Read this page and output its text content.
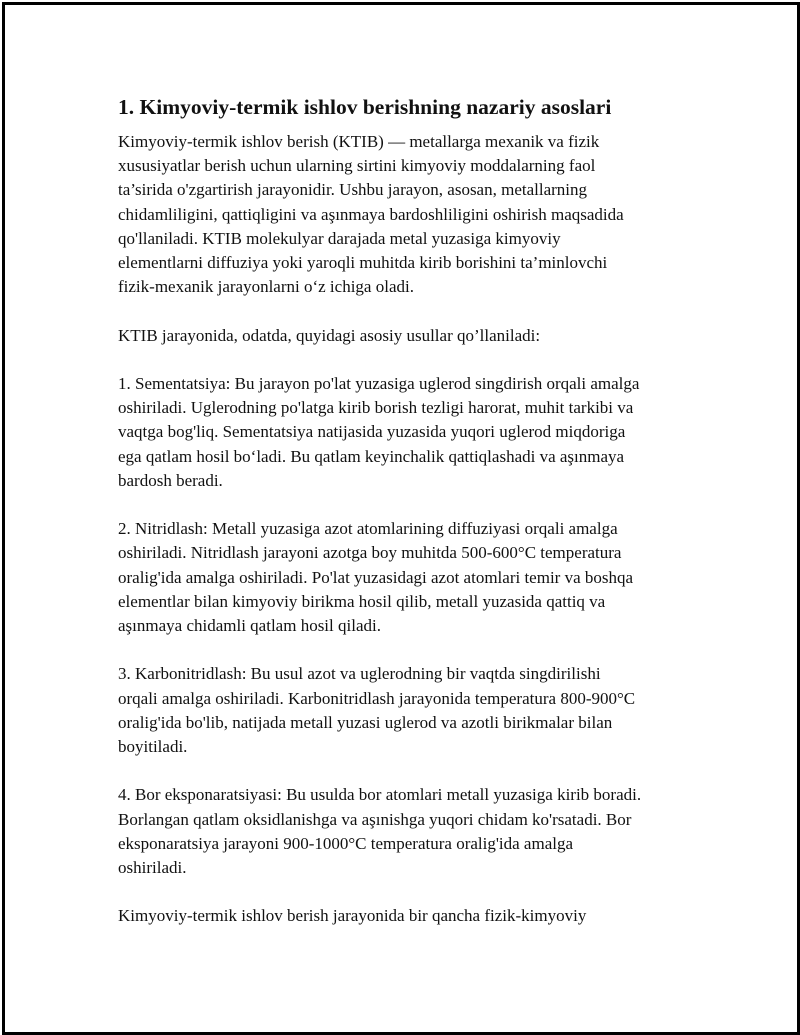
1. Kimyoviy-termik ishlov berishning nazariy asoslari

Kimyoviy-termik ishlov berish (KTIB) — metallarga mexanik va fizik
xususiyatlar berish uchun ularning sirtini kimyoviy moddalarning faol
ta’sirida o'zgartirish jarayonidir. Ushbu jarayon, asosan, metallarning
chidamliligini, qattiqligini va aşınmaya bardoshliligini oshirish maqsadida
qo'llaniladi. KTIB molekulyar darajada metal yuzasiga kimyoviy
elementlarni diffuziya yoki yaroqli muhitda kirib borishini ta’minlovchi
fizik-mexanik jarayonlarni o‘z ichiga oladi.

KTIB jarayonida, odatda, quyidagi asosiy usullar qo’llaniladi:

1. Sementatsiya: Bu jarayon po'lat yuzasiga uglerod singdirish orqali amalga
oshiriladi. Uglerodning po'latga kirib borish tezligi harorat, muhit tarkibi va
vaqtga bog'liq. Sementatsiya natijasida yuzasida yuqori uglerod miqdoriga
ega qatlam hosil bo‘ladi. Bu qatlam keyinchalik qattiqlashadi va aşınmaya
bardosh beradi.

2. Nitridlash: Metall yuzasiga azot atomlarining diffuziyasi orqali amalga
oshiriladi. Nitridlash jarayoni azotga boy muhitda 500-600°C temperatura
oralig'ida amalga oshiriladi. Po'lat yuzasidagi azot atomlari temir va boshqa
elementlar bilan kimyoviy birikma hosil qilib, metall yuzasida qattiq va
aşınmaya chidamli qatlam hosil qiladi.

3. Karbonitridlash: Bu usul azot va uglerodning bir vaqtda singdirilishi
orqali amalga oshiriladi. Karbonitridlash jarayonida temperatura 800-900°C
oralig'ida bo'lib, natijada metall yuzasi uglerod va azotli birikmalar bilan
boyitiladi.

4. Bor eksponaratsiyasi: Bu usulda bor atomlari metall yuzasiga kirib boradi.
Borlangan qatlam oksidlanishga va aşınishga yuqori chidam ko'rsatadi. Bor
eksponaratsiya jarayoni 900-1000°C temperatura oralig'ida amalga
oshiriladi.

Kimyoviy-termik ishlov berish jarayonida bir qancha fizik-kimyoviy
